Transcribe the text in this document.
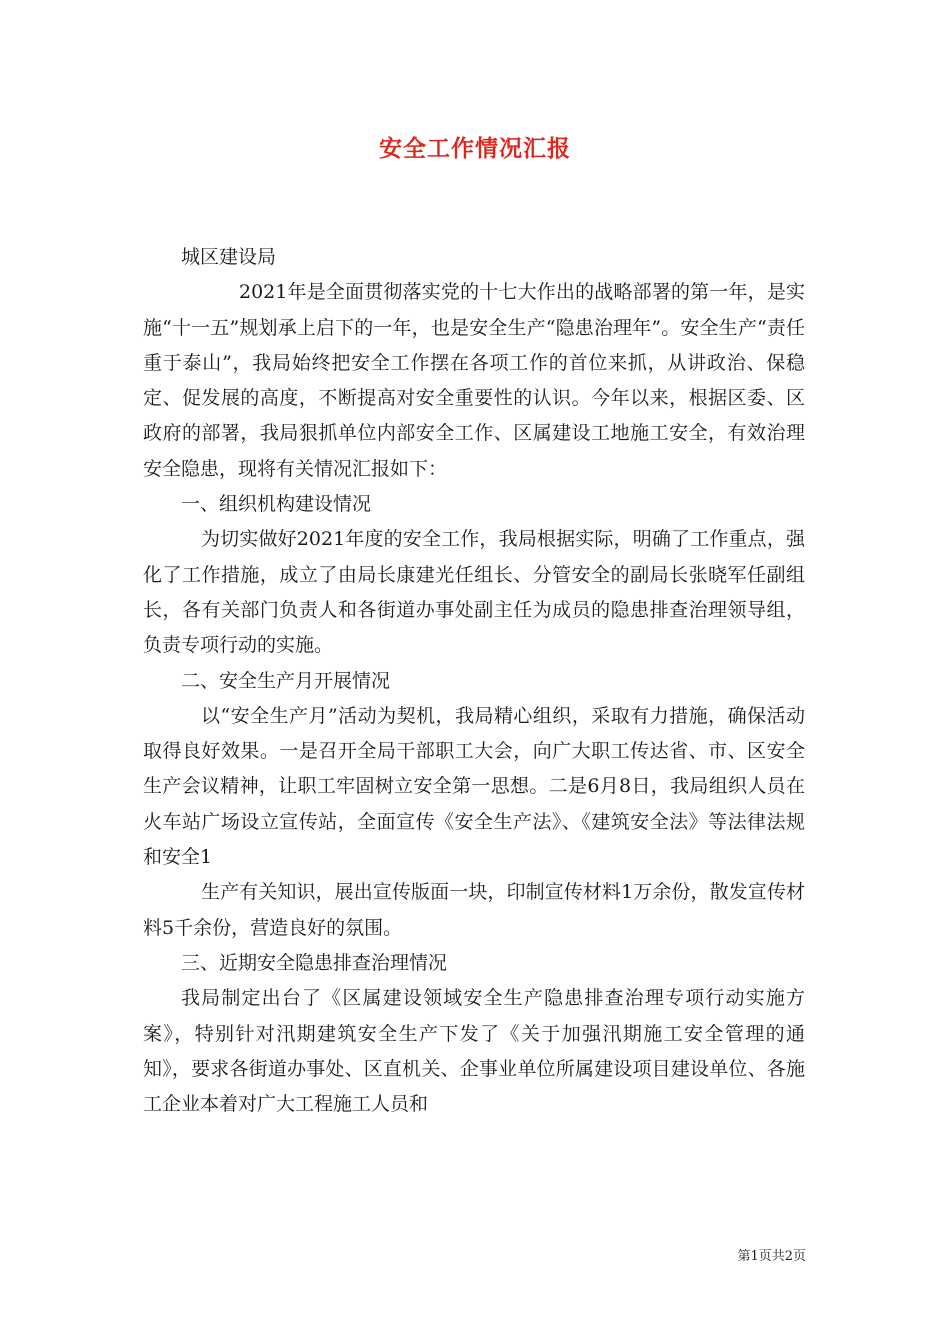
安全工作情况汇报

城区建设局

2021年是全面贯彻落实党的十七大作出的战略部署的第一年，是实施“十一五”规划承上启下的一年，也是安全生产“隐患治理年”。安全生产“责任重于泰山”，我局始终把安全工作摆在各项工作的首位来抓，从讲政治、保稳定、促发展的高度，不断提高对安全重要性的认识。今年以来，根据区委、区政府的部署，我局狠抓单位内部安全工作、区属建设工地施工安全，有效治理安全隐患，现将有关情况汇报如下：

一、组织机构建设情况

为切实做好2021年度的安全工作，我局根据实际，明确了工作重点，强化了工作措施，成立了由局长康建光任组长、分管安全的副局长张晓军任副组长，各有关部门负责人和各街道办事处副主任为成员的隐患排查治理领导组，负责专项行动的实施。

二、安全生产月开展情况

以“安全生产月”活动为契机，我局精心组织，采取有力措施，确保活动取得良好效果。一是召开全局干部职工大会，向广大职工传达省、市、区安全生产会议精神，让职工牢固树立安全第一思想。二是6月8日，我局组织人员在火车站广场设立宣传站，全面宣传《安全生产法》、《建筑安全法》等法律法规和安全1

生产有关知识，展出宣传版面一块，印制宣传材料1万余份，散发宣传材料5千余份，营造良好的氛围。

三、近期安全隐患排查治理情况

我局制定出台了《区属建设领域安全生产隐患排查治理专项行动实施方案》，特别针对汛期建筑安全生产下发了《关于加强汛期施工安全管理的通知》，要求各街道办事处、区直机关、企事业单位所属建设项目建设单位、各施工企业本着对广大工程施工人员和

第1页共2页
